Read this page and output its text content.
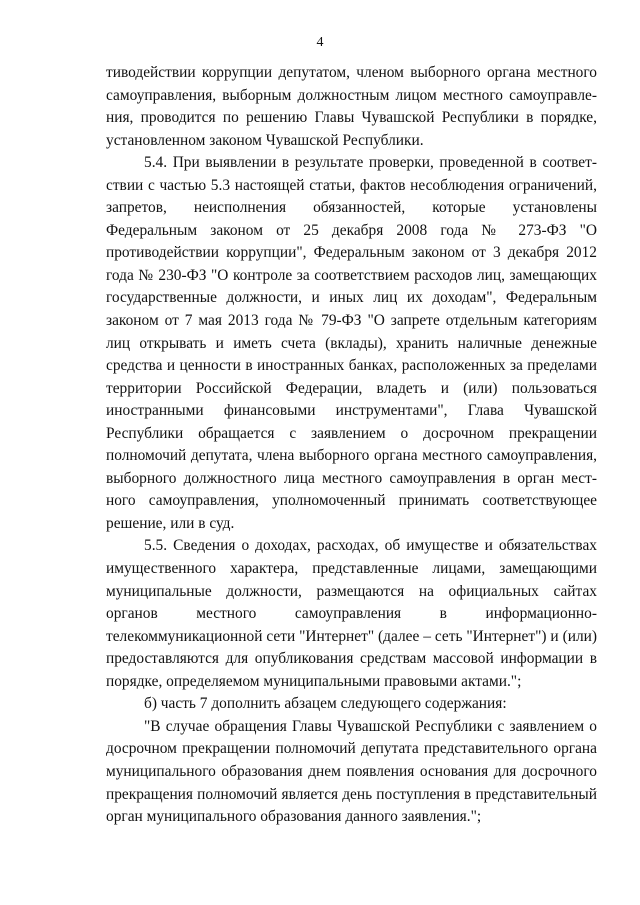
4

тиводействии коррупции депутатом, членом выборного органа местного самоуправления, выборным должностным лицом местного самоуправления, проводится по решению Главы Чувашской Республики в порядке, установленном законом Чувашской Республики.

5.4. При выявлении в результате проверки, проведенной в соответствии с частью 5.3 настоящей статьи, фактов несоблюдения ограничений, запретов, неисполнения обязанностей, которые установлены Федеральным законом от 25 декабря 2008 года № 273-ФЗ "О противодействии коррупции", Федеральным законом от 3 декабря 2012 года № 230-ФЗ "О контроле за соответствием расходов лиц, замещающих государственные должности, и иных лиц их доходам", Федеральным законом от 7 мая 2013 года № 79-ФЗ "О запрете отдельным категориям лиц открывать и иметь счета (вклады), хранить наличные денежные средства и ценности в иностранных банках, расположенных за пределами территории Российской Федерации, владеть и (или) пользоваться иностранными финансовыми инструментами", Глава Чувашской Республики обращается с заявлением о досрочном прекращении полномочий депутата, члена выборного органа местного самоуправления, выборного должностного лица местного самоуправления в орган местного самоуправления, уполномоченный принимать соответствующее решение, или в суд.

5.5. Сведения о доходах, расходах, об имуществе и обязательствах имущественного характера, представленные лицами, замещающими муниципальные должности, размещаются на официальных сайтах органов местного самоуправления в информационно-телекоммуникационной сети "Интернет" (далее – сеть "Интернет") и (или) предоставляются для опубликования средствам массовой информации в порядке, определяемом муниципальными правовыми актами.";

б) часть 7 дополнить абзацем следующего содержания:

"В случае обращения Главы Чувашской Республики с заявлением о досрочном прекращении полномочий депутата представительного органа муниципального образования днем появления основания для досрочного прекращения полномочий является день поступления в представительный орган муниципального образования данного заявления.";
